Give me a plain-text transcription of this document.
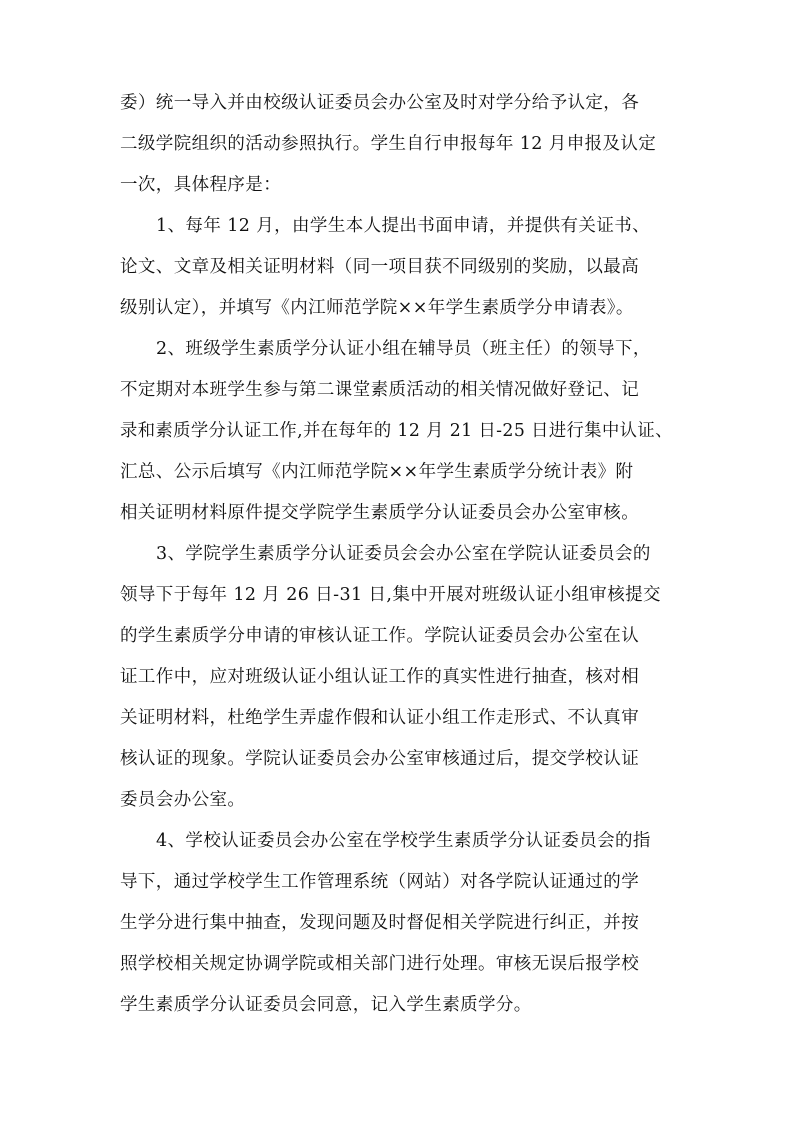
委）统一导入并由校级认证委员会办公室及时对学分给予认定，各
二级学院组织的活动参照执行。学生自行申报每年 12 月申报及认定
一次，具体程序是：
1、每年 12 月，由学生本人提出书面申请，并提供有关证书、
论文、文章及相关证明材料（同一项目获不同级别的奖励，以最高
级别认定），并填写《内江师范学院××年学生素质学分申请表》。
2、班级学生素质学分认证小组在辅导员（班主任）的领导下，
不定期对本班学生参与第二课堂素质活动的相关情况做好登记、记
录和素质学分认证工作,并在每年的 12 月 21 日-25 日进行集中认证、
汇总、公示后填写《内江师范学院××年学生素质学分统计表》附
相关证明材料原件提交学院学生素质学分认证委员会办公室审核。
3、学院学生素质学分认证委员会会办公室在学院认证委员会的
领导下于每年 12 月 26 日-31 日,集中开展对班级认证小组审核提交
的学生素质学分申请的审核认证工作。学院认证委员会办公室在认
证工作中，应对班级认证小组认证工作的真实性进行抽查，核对相
关证明材料，杜绝学生弄虚作假和认证小组工作走形式、不认真审
核认证的现象。学院认证委员会办公室审核通过后，提交学校认证
委员会办公室。
4、学校认证委员会办公室在学校学生素质学分认证委员会的指
导下，通过学校学生工作管理系统（网站）对各学院认证通过的学
生学分进行集中抽查，发现问题及时督促相关学院进行纠正，并按
照学校相关规定协调学院或相关部门进行处理。审核无误后报学校
学生素质学分认证委员会同意，记入学生素质学分。
